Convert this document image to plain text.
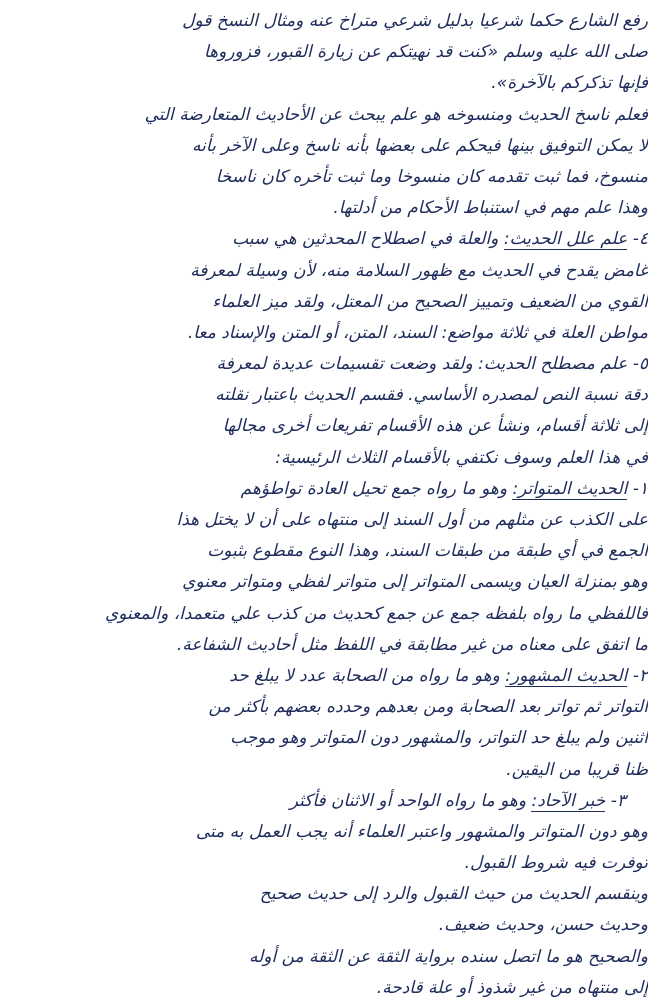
رفع الشارع حكما شرعيا بدليل شرعي متراخ عنه ومثال النسخ قول
صلى الله عليه وسلم «كنت قد نهيتكم عن زيارة القبور، فزوروها
فإنها تذكركم بالآخرة».
فعلم ناسخ الحديث ومنسوخه هو علم يبحث عن الأحاديث المتعارضة التي
لا يمكن التوفيق بينها فيحكم على بعضها بأنه ناسخ وعلى الآخر بأنه
منسوخ، فما ثبت تقدمه كان منسوخا وما ثبت تأخره كان ناسخا
وهذا علم مهم في استنباط الأحكام من أدلتها.
٤- علم علل الحديث: والعلة في اصطلاح المحدثين هي سبب
غامض يقدح في الحديث مع ظهور السلامة منه، لأن وسيلة لمعرفة
القوي من الضعيف وتمييز الصحيح من المعتل، ولقد ميز العلماء
مواطن العلة في ثلاثة مواضع: السند، المتن، أو المتن والإسناد معا.
٥- علم مصطلح الحديث: ولقد وضعت تقسيمات عديدة لمعرفة
دقة نسبة النص لمصدره الأساسي. فقسم الحديث باعتبار نقلته
إلى ثلاثة أقسام، ونشأ عن هذه الأقسام تفريعات أخرى مجالها
في هذا العلم وسوف نكتفي بالأقسام الثلاث الرئيسية:
١- الحديث المتواتر: وهو ما رواه جمع تحيل العادة تواطؤهم
على الكذب عن مثلهم من أول السند إلى منتهاه على أن لا يختل هذا
الجمع في أي طبقة من طبقات السند، وهذا النوع مقطوع بثبوت
وهو بمنزلة العيان ويسمى المتواتر إلى متواتر لفظي ومتواتر معنوي
فاللفظي ما رواه بلفظه جمع عن جمع كحديث من كذب علي متعمدا، والمعنوي
ما اتفق على معناه من غير مطابقة في اللفظ مثل أحاديث الشفاعة.
٢- الحديث المشهور: وهو ما رواه من الصحابة عدد لا يبلغ حد
التواتر ثم تواتر بعد الصحابة ومن بعدهم وحدده بعضهم بأكثر من
اثنين ولم يبلغ حد التواتر، والمشهور دون المتواتر وهو موجب
ظنا قريبا من اليقين.
٣- خبر الآحاد: وهو ما رواه الواحد أو الاثنان فأكثر
وهو دون المتواتر والمشهور واعتبر العلماء أنه يجب العمل به متى
توفرت فيه شروط القبول.
وينقسم الحديث من حيث القبول والرد إلى حديث صحيح
وحديث حسن، وحديث ضعيف.
والصحيح هو ما اتصل سنده برواية الثقة عن الثقة من أوله
إلى منتهاه من غير شذوذ أو علة قادحة.
